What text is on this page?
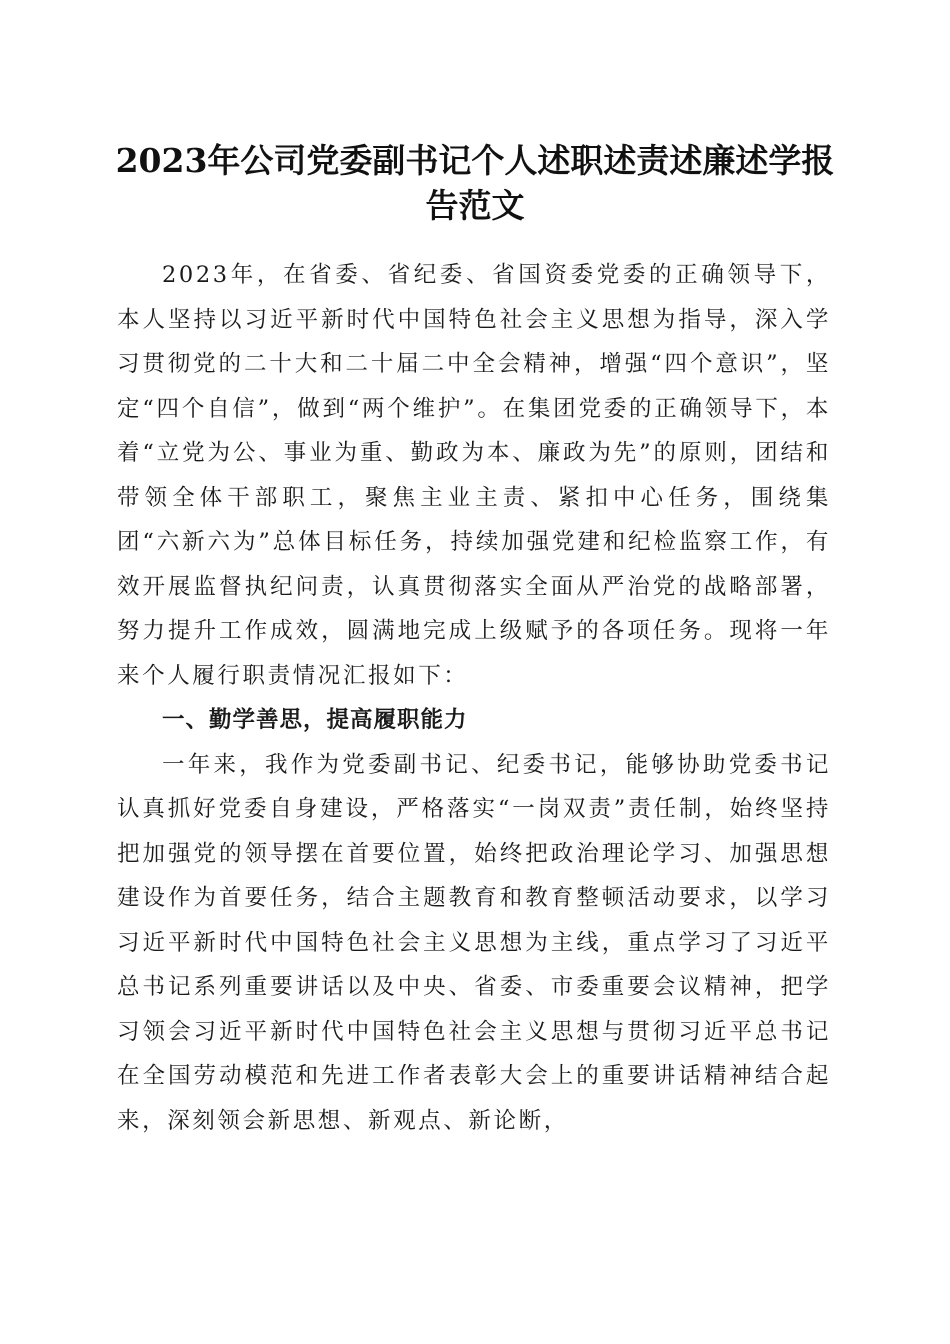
2023年公司党委副书记个人述职述责述廉述学报告范文

2023年，在省委、省纪委、省国资委党委的正确领导下，本人坚持以习近平新时代中国特色社会主义思想为指导，深入学习贯彻党的二十大和二十届二中全会精神，增强“四个意识”，坚定“四个自信”，做到“两个维护”。在集团党委的正确领导下，本着“立党为公、事业为重、勤政为本、廉政为先”的原则，团结和带领全体干部职工，聚焦主业主责、紧扣中心任务，围绕集团“六新六为”总体目标任务，持续加强党建和纪检监察工作，有效开展监督执纪问责，认真贯彻落实全面从严治党的战略部署，努力提升工作成效，圆满地完成上级赋予的各项任务。现将一年来个人履行职责情况汇报如下：

一、勤学善思，提高履职能力

一年来，我作为党委副书记、纪委书记，能够协助党委书记认真抓好党委自身建设，严格落实“一岗双责”责任制，始终坚持把加强党的领导摆在首要位置，始终把政治理论学习、加强思想建设作为首要任务，结合主题教育和教育整顿活动要求，以学习习近平新时代中国特色社会主义思想为主线，重点学习了习近平总书记系列重要讲话以及中央、省委、市委重要会议精神，把学习领会习近平新时代中国特色社会主义思想与贯彻习近平总书记在全国劳动模范和先进工作者表彰大会上的重要讲话精神结合起来，深刻领会新思想、新观点、新论断，
